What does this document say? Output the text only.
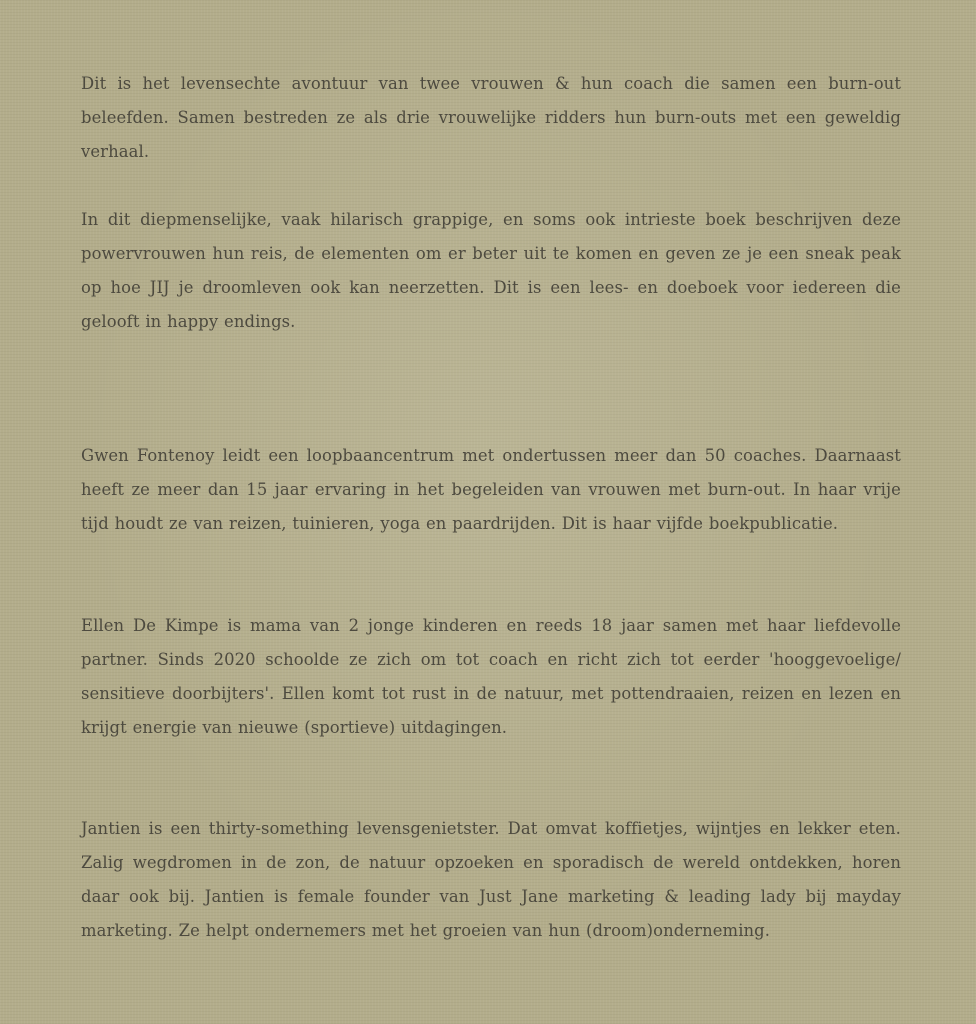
Dit is het levensechte avontuur van twee vrouwen & hun coach die samen een burn-out beleefden. Samen bestreden ze als drie vrouwelijke ridders hun burn-outs met een geweldig verhaal.

In dit diepmenselijke, vaak hilarisch grappige, en soms ook intrieste boek beschrijven deze powervrouwen hun reis, de elementen om er beter uit te komen en geven ze je een sneak peak op hoe JIJ je droomleven ook kan neerzetten. Dit is een lees- en doeboek voor iedereen die gelooft in happy endings.

Gwen Fontenoy leidt een loopbaancentrum met ondertussen meer dan 50 coaches. Daarnaast heeft ze meer dan 15 jaar ervaring in het begeleiden van vrouwen met burn-out. In haar vrije tijd houdt ze van reizen, tuinieren, yoga en paardrijden. Dit is haar vijfde boekpublicatie.

Ellen De Kimpe is mama van 2 jonge kinderen en reeds 18 jaar samen met haar liefdevolle partner. Sinds 2020 schoolde ze zich om tot coach en richt zich tot eerder 'hooggevoelige/ sensitieve doorbijters'. Ellen komt tot rust in de natuur, met pottendraaien, reizen en lezen en krijgt energie van nieuwe (sportieve) uitdagingen.

Jantien is een thirty-something levensgenietster. Dat omvat koffietjes, wijntjes en lekker eten. Zalig wegdromen in de zon, de natuur opzoeken en sporadisch de wereld ontdekken, horen daar ook bij. Jantien is female founder van Just Jane marketing & leading lady bij mayday marketing. Ze helpt ondernemers met het groeien van hun (droom)onderneming.
